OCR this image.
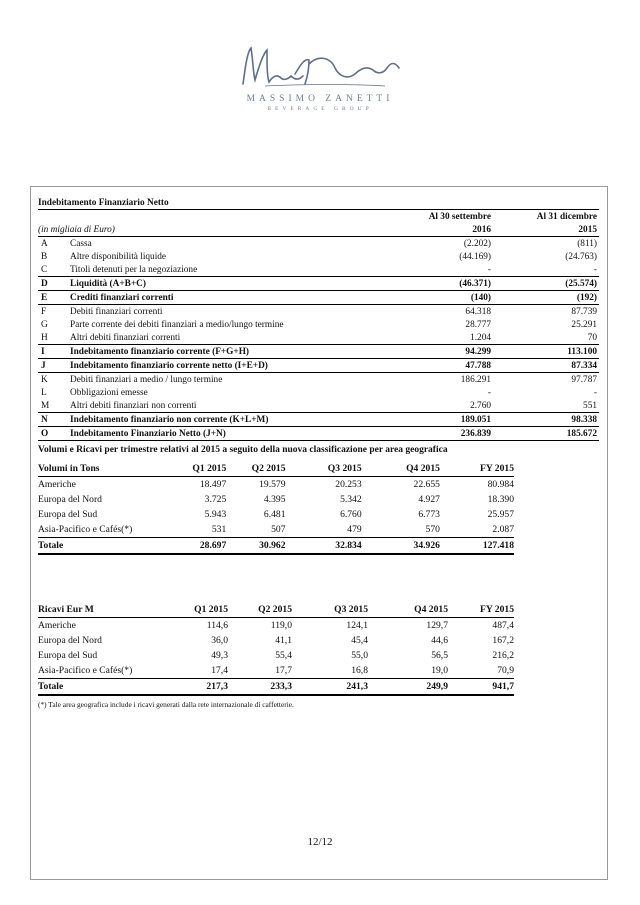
MASSIMO ZANETTI
BEVERAGE GROUP
Indebitamento Finanziario Netto			
		Al 30 settembre	Al 31 dicembre
(in migliaia di Euro)		2016	2015
A	Cassa	(2.202)	(811)
B	Altre disponibilità liquide	(44.169)	(24.763)
C	Titoli detenuti per la negoziazione	-	-
D	Liquidità (A+B+C)	(46.371)	(25.574)
E	Crediti finanziari correnti	(140)	(192)
F	Debiti finanziari correnti	64.318	87.739
G	Parte corrente dei debiti finanziari a medio/lungo termine	28.777	25.291
H	Altri debiti finanziari correnti	1.204	70
I	Indebitamento finanziario corrente (F+G+H)	94.299	113.100
J	Indebitamento finanziario corrente netto (I+E+D)	47.788	87.334
K	Debiti finanziari a medio / lungo termine	186.291	97.787
L	Obbligazioni emesse	-	-
M	Altri debiti finanziari non correnti	2.760	551
N	Indebitamento finanziario non corrente (K+L+M)	189.051	98.338
O	Indebitamento Finanziario Netto (J+N)	236.839	185.672
Volumi e Ricavi per trimestre relativi al 2015 a seguito della nuova classificazione per area geografica
Volumi in Tons	Q1 2015	Q2 2015	Q3 2015	Q4 2015	FY 2015
Americhe	18.497	19.579	20.253	22.655	80.984
Europa del Nord	3.725	4.395	5.342	4.927	18.390
Europa del Sud	5.943	6.481	6.760	6.773	25.957
Asia-Pacifico e Cafés(*)	531	507	479	570	2.087
Totale	28.697	30.962	32.834	34.926	127.418
Ricavi Eur M	Q1 2015	Q2 2015	Q3 2015	Q4 2015	FY 2015
Americhe	114,6	119,0	124,1	129,7	487,4
Europa del Nord	36,0	41,1	45,4	44,6	167,2
Europa del Sud	49,3	55,4	55,0	56,5	216,2
Asia-Pacifico e Cafés(*)	17,4	17,7	16,8	19,0	70,9
Totale	217,3	233,3	241,3	249,9	941,7
(*) Tale area geografica include i ricavi generati dalla rete internazionale di caffetterie.
12/12
